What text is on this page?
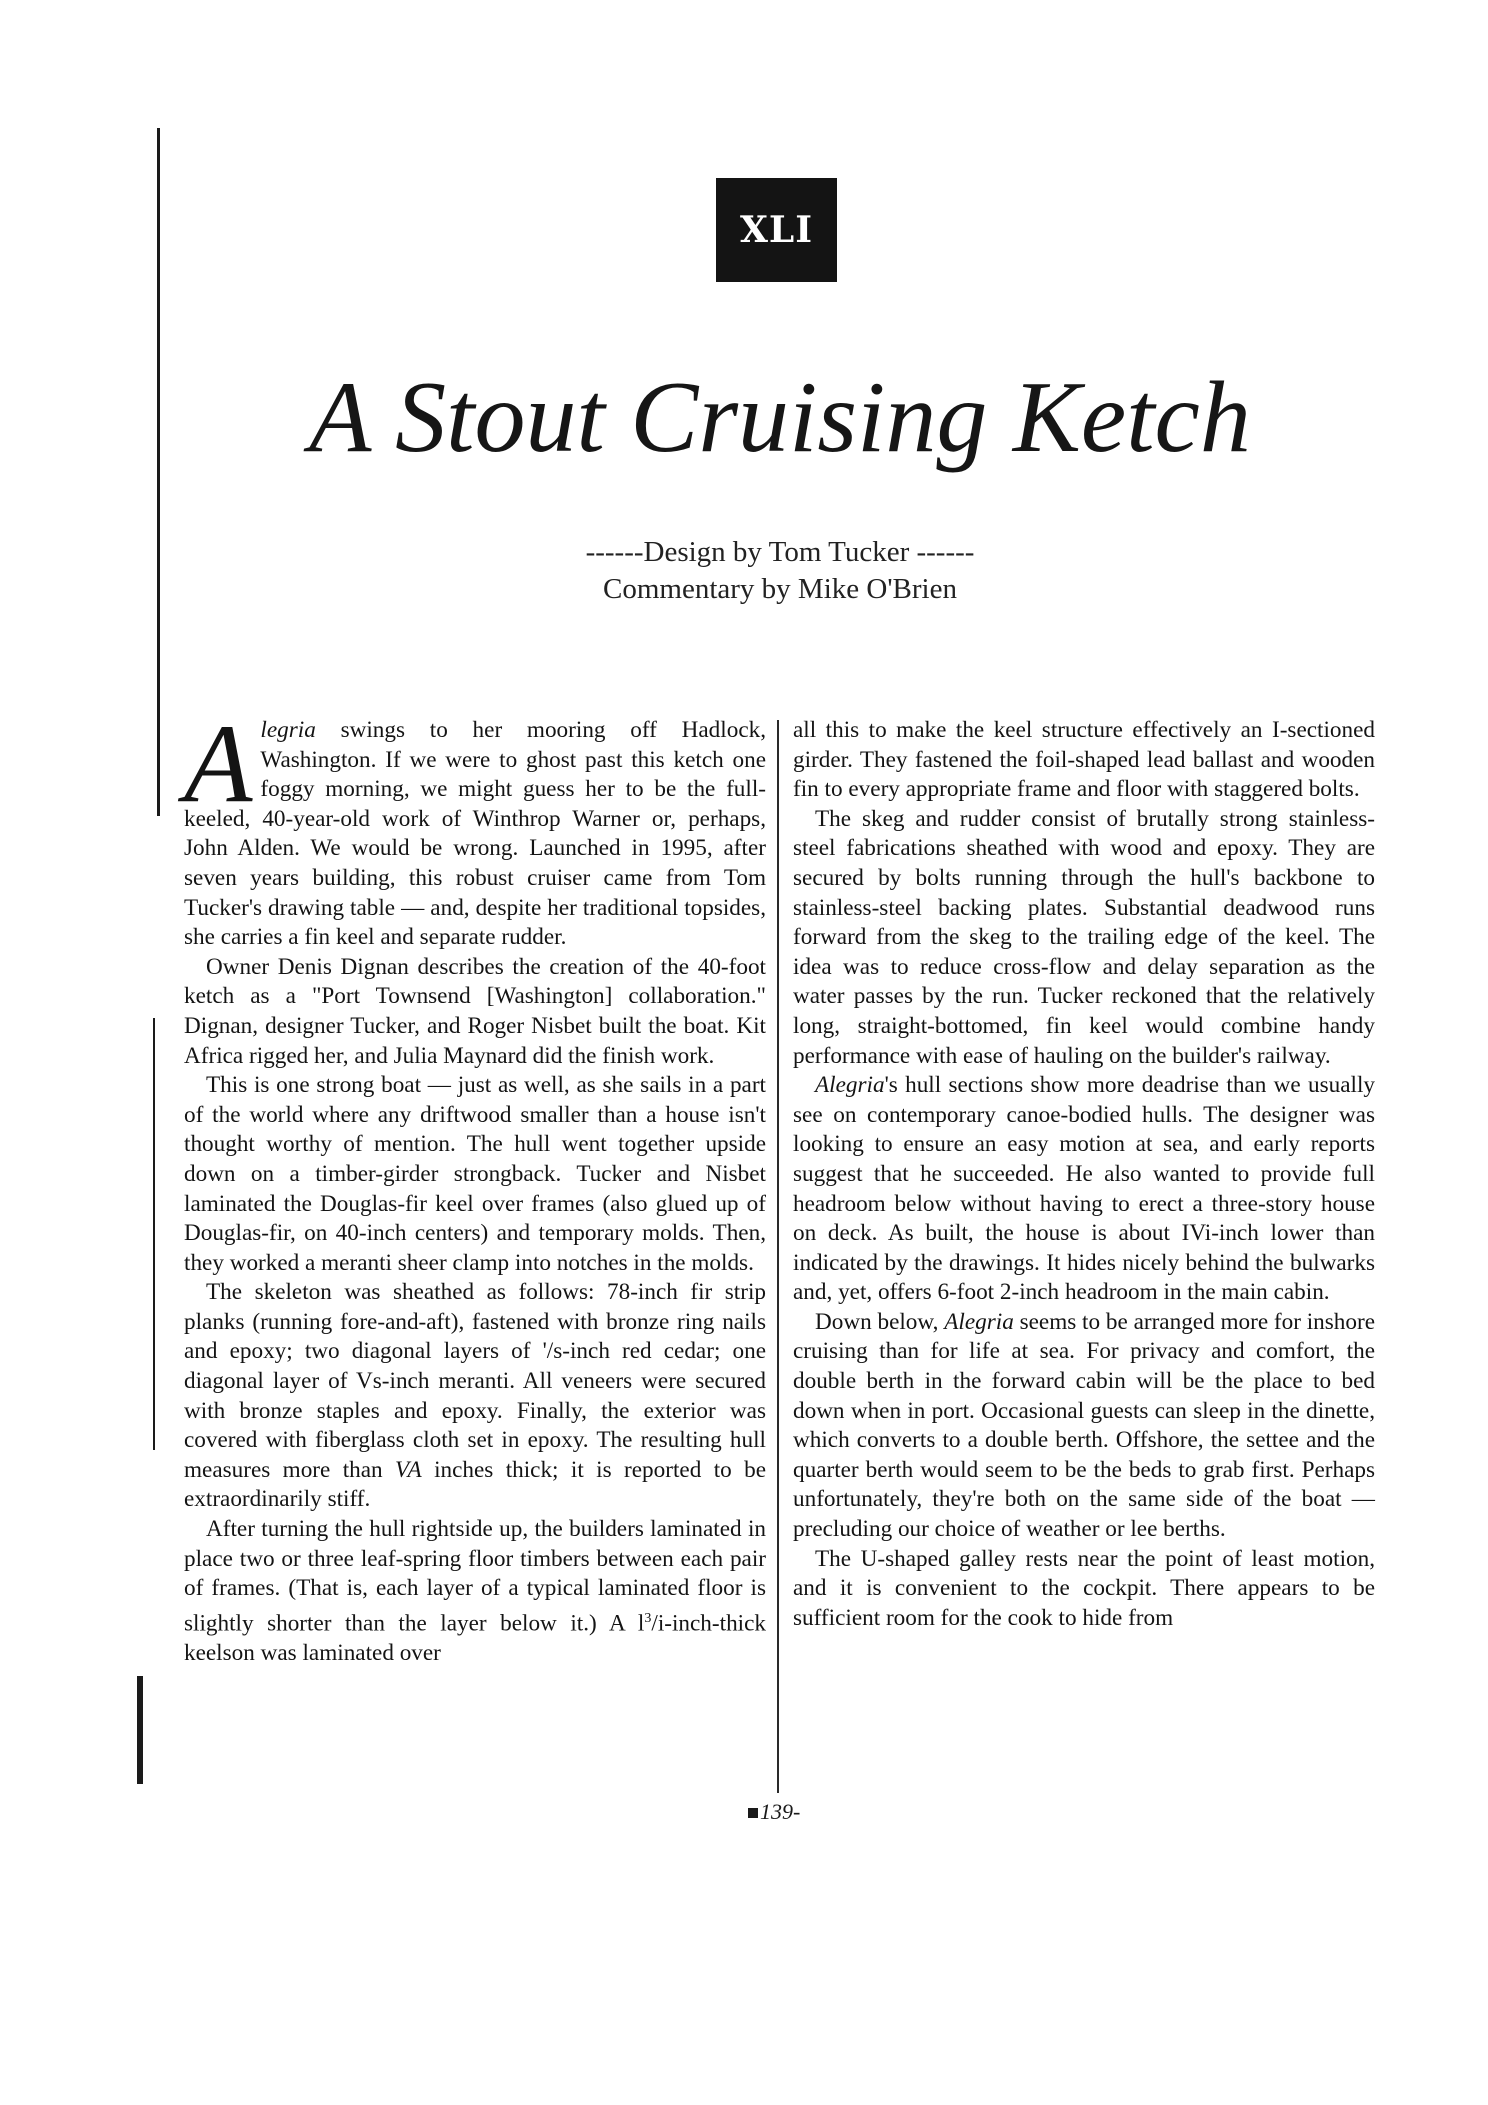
XLI
A Stout Cruising Ketch
------Design by Tom Tucker ------
Commentary by Mike O'Brien

Alegria swings to her mooring off Hadlock, Washington. If we were to ghost past this ketch one foggy morning, we might guess her to be the full-keeled, 40-year-old work of Winthrop Warner or, perhaps, John Alden. We would be wrong. Launched in 1995, after seven years building, this robust cruiser came from Tom Tucker's drawing table — and, despite her traditional topsides, she carries a fin keel and separate rudder.

Owner Denis Dignan describes the creation of the 40-foot ketch as a "Port Townsend [Washington] collaboration." Dignan, designer Tucker, and Roger Nisbet built the boat. Kit Africa rigged her, and Julia Maynard did the finish work.

This is one strong boat — just as well, as she sails in a part of the world where any driftwood smaller than a house isn't thought worthy of mention. The hull went together upside down on a timber-girder strongback. Tucker and Nisbet laminated the Douglas-fir keel over frames (also glued up of Douglas-fir, on 40-inch centers) and temporary molds. Then, they worked a meranti sheer clamp into notches in the molds.

The skeleton was sheathed as follows: 78-inch fir strip planks (running fore-and-aft), fastened with bronze ring nails and epoxy; two diagonal layers of '/s-inch red cedar; one diagonal layer of Vs-inch meranti. All veneers were secured with bronze staples and epoxy. Finally, the exterior was covered with fiberglass cloth set in epoxy. The resulting hull measures more than VA inches thick; it is reported to be extraordinarily stiff.

After turning the hull rightside up, the builders laminated in place two or three leaf-spring floor timbers between each pair of frames. (That is, each layer of a typical laminated floor is slightly shorter than the layer below it.) A $l^3/i-inch$-thick keelson was laminated over

all this to make the keel structure effectively an I-sectioned girder. They fastened the foil-shaped lead ballast and wooden fin to every appropriate frame and floor with staggered bolts.

The skeg and rudder consist of brutally strong stainless-steel fabrications sheathed with wood and epoxy. They are secured by bolts running through the hull's backbone to stainless-steel backing plates. Substantial deadwood runs forward from the skeg to the trailing edge of the keel. The idea was to reduce cross-flow and delay separation as the water passes by the run. Tucker reckoned that the relatively long, straight-bottomed, fin keel would combine handy performance with ease of hauling on the builder's railway.

Alegria's hull sections show more deadrise than we usually see on contemporary canoe-bodied hulls. The designer was looking to ensure an easy motion at sea, and early reports suggest that he succeeded. He also wanted to provide full headroom below without having to erect a three-story house on deck. As built, the house is about IVi-inch lower than indicated by the drawings. It hides nicely behind the bulwarks and, yet, offers 6-foot 2-inch headroom in the main cabin.

Down below, Alegria seems to be arranged more for inshore cruising than for life at sea. For privacy and comfort, the double berth in the forward cabin will be the place to bed down when in port. Occasional guests can sleep in the dinette, which converts to a double berth. Offshore, the settee and the quarter berth would seem to be the beds to grab first. Perhaps unfortunately, they're both on the same side of the boat — precluding our choice of weather or lee berths.

The U-shaped galley rests near the point of least motion, and it is convenient to the cockpit. There appears to be sufficient room for the cook to hide from

139-
